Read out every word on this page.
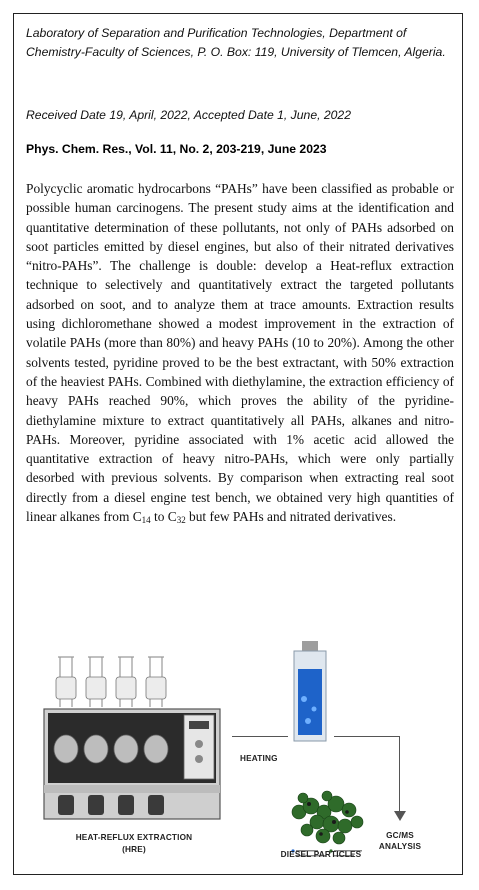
Laboratory of Separation and Purification Technologies, Department of Chemistry-Faculty of Sciences, P. O. Box: 119, University of Tlemcen, Algeria.
Received Date 19, April, 2022, Accepted Date 1, June, 2022
Phys. Chem. Res., Vol. 11, No. 2, 203-219, June 2023

Polycyclic aromatic hydrocarbons “PAHs” have been classified as probable or possible human carcinogens. The present study aims at the identification and quantitative determination of these pollutants, not only of PAHs adsorbed on soot particles emitted by diesel engines, but also of their nitrated derivatives “nitro-PAHs”. The challenge is double: develop a Heat-reflux extraction technique to selectively and quantitatively extract the targeted pollutants adsorbed on soot, and to analyze them at trace amounts. Extraction results using dichloromethane showed a modest improvement in the extraction of volatile PAHs (more than 80%) and heavy PAHs (10 to 20%). Among the other solvents tested, pyridine proved to be the best extractant, with 50% extraction of the heaviest PAHs. Combined with diethylamine, the extraction efficiency of heavy PAHs reached 90%, which proves the ability of the pyridine-diethylamine mixture to extract quantitatively all PAHs, alkanes and nitro-PAHs. Moreover, pyridine associated with 1% acetic acid allowed the quantitative extraction of heavy nitro-PAHs, which were only partially desorbed with previous solvents. By comparison when extracting real soot directly from a diesel engine test bench, we obtained very high quantities of linear alkanes from $C_{14}$ to $C_{32}$ but few PAHs and nitrated derivatives.

HEATING
GC/MS
ANALYSIS
DIESEL PARTICLES
HEAT-REFLUX EXTRACTION
(HRE)
